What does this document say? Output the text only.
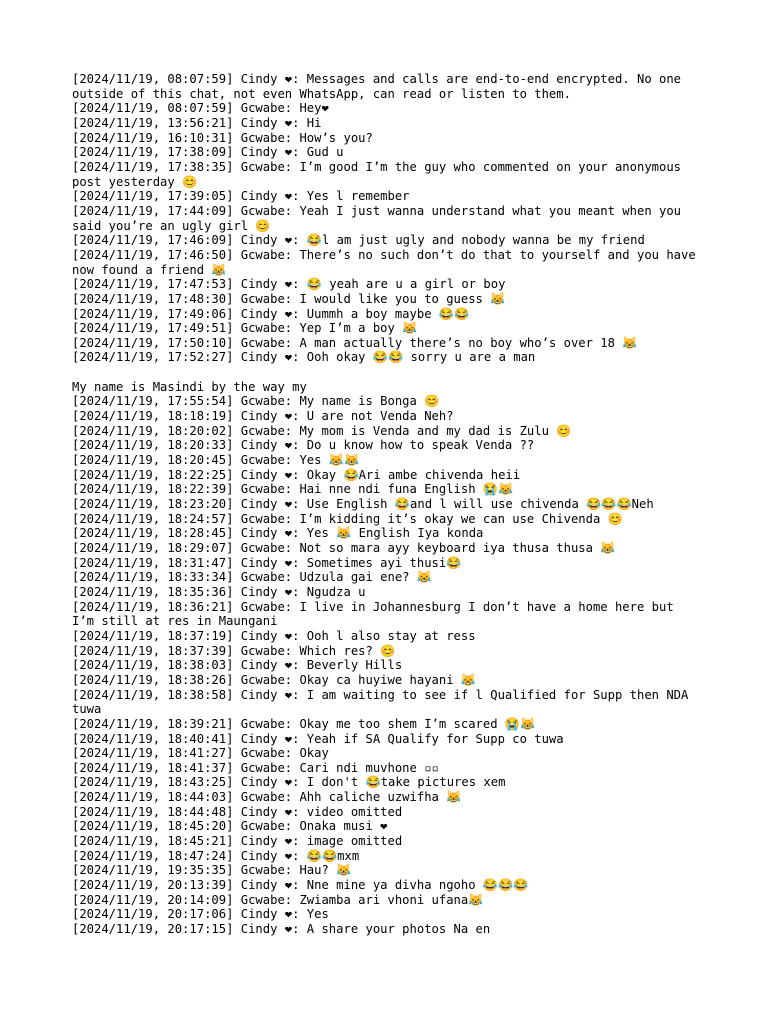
[2024/11/19, 08:07:59] Cindy ❤: Messages and calls are end-to-end encrypted. No one outside of this chat, not even WhatsApp, can read or listen to them.
[2024/11/19, 08:07:59] Gcwabe: Hey❤
[2024/11/19, 13:56:21] Cindy ❤: Hi
[2024/11/19, 16:10:31] Gcwabe: How’s you?
[2024/11/19, 17:38:09] Cindy ❤: Gud u
[2024/11/19, 17:38:35] Gcwabe: I’m good I’m the guy who commented on your anonymous post yesterday 😊
[2024/11/19, 17:39:05] Cindy ❤: Yes l remember
[2024/11/19, 17:44:09] Gcwabe: Yeah I just wanna understand what you meant when you said you’re an ugly girl 😊
[2024/11/19, 17:46:09] Cindy ❤: 😂l am just ugly and nobody wanna be my friend
[2024/11/19, 17:46:50] Gcwabe: There’s no such don’t do that to yourself and you have now found a friend 😹
[2024/11/19, 17:47:53] Cindy ❤: 😂 yeah are u a girl or boy
[2024/11/19, 17:48:30] Gcwabe: I would like you to guess 😹
[2024/11/19, 17:49:06] Cindy ❤: Uummh a boy maybe 😂😂
[2024/11/19, 17:49:51] Gcwabe: Yep I’m a boy 😹
[2024/11/19, 17:50:10] Gcwabe: A man actually there’s no boy who’s over 18 😹
[2024/11/19, 17:52:27] Cindy ❤: Ooh okay 😂😂 sorry u are a man
My name is Masindi by the way my
[2024/11/19, 17:55:54] Gcwabe: My name is Bonga 😊
[2024/11/19, 18:18:19] Cindy ❤: U are not Venda Neh?
[2024/11/19, 18:20:02] Gcwabe: My mom is Venda and my dad is Zulu 😊
[2024/11/19, 18:20:33] Cindy ❤: Do u know how to speak Venda ??
[2024/11/19, 18:20:45] Gcwabe: Yes 😹😹
[2024/11/19, 18:22:25] Cindy ❤: Okay 😂Ari ambe chivenda heii
[2024/11/19, 18:22:39] Gcwabe: Hai nne ndi funa English 😭😹
[2024/11/19, 18:23:20] Cindy ❤: Use English 😂and l will use chivenda 😂😂😂Neh
[2024/11/19, 18:24:57] Gcwabe: I’m kidding it’s okay we can use Chivenda 😊
[2024/11/19, 18:28:45] Cindy ❤: Yes 😹 English Iya konda
[2024/11/19, 18:29:07] Gcwabe: Not so mara ayy keyboard iya thusa thusa 😹
[2024/11/19, 18:31:47] Cindy ❤: Sometimes ayi thusi😂
[2024/11/19, 18:33:34] Gcwabe: Udzula gai ene? 😹
[2024/11/19, 18:35:36] Cindy ❤: Ngudza u
[2024/11/19, 18:36:21] Gcwabe: I live in Johannesburg I don’t have a home here but I’m still at res in Maungani
[2024/11/19, 18:37:19] Cindy ❤: Ooh l also stay at ress
[2024/11/19, 18:37:39] Gcwabe: Which res? 😊
[2024/11/19, 18:38:03] Cindy ❤: Beverly Hills
[2024/11/19, 18:38:26] Gcwabe: Okay ca huyiwe hayani 😹
[2024/11/19, 18:38:58] Cindy ❤: I am waiting to see if l Qualified for Supp then NDA tuwa
[2024/11/19, 18:39:21] Gcwabe: Okay me too shem I’m scared 😭😹
[2024/11/19, 18:40:41] Cindy ❤: Yeah if SA Qualify for Supp co tuwa
[2024/11/19, 18:41:27] Gcwabe: Okay
[2024/11/19, 18:41:37] Gcwabe: Cari ndi muvhone ▫▫
[2024/11/19, 18:43:25] Cindy ❤: I don't 😂take pictures xem
[2024/11/19, 18:44:03] Gcwabe: Ahh caliche uzwifha 😹
[2024/11/19, 18:44:48] Cindy ❤: video omitted
[2024/11/19, 18:45:20] Gcwabe: Onaka musi ❤
[2024/11/19, 18:45:21] Cindy ❤: image omitted
[2024/11/19, 18:47:24] Cindy ❤: 😂😂mxm
[2024/11/19, 19:35:35] Gcwabe: Hau? 😹
[2024/11/19, 20:13:39] Cindy ❤: Nne mine ya divha ngoho 😂😂😂
[2024/11/19, 20:14:09] Gcwabe: Zwiamba ari vhoni ufana😹
[2024/11/19, 20:17:06] Cindy ❤: Yes
[2024/11/19, 20:17:15] Cindy ❤: A share your photos Na en
